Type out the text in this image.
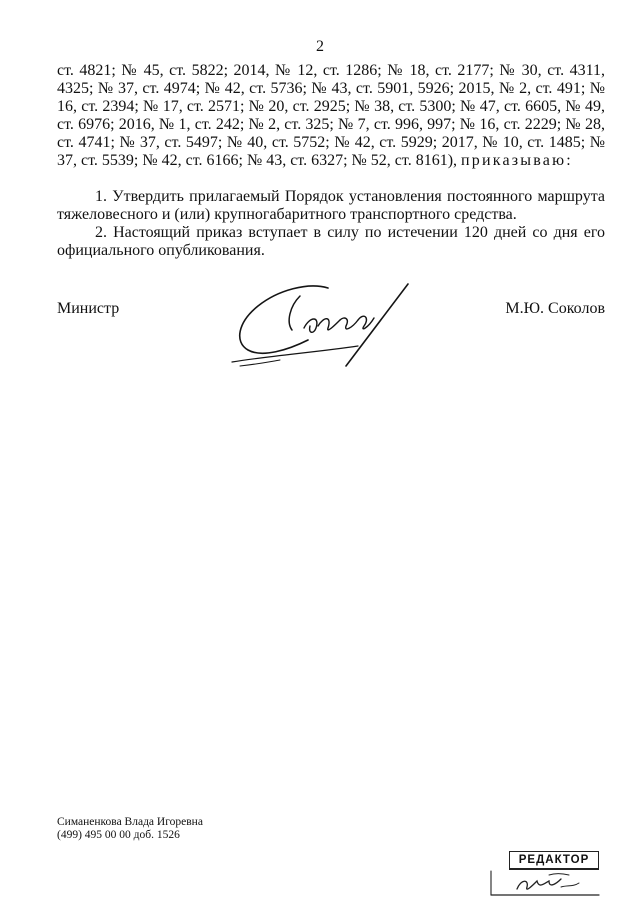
2

ст. 4821; № 45, ст. 5822; 2014, № 12, ст. 1286; № 18, ст. 2177; № 30, ст. 4311, 4325; № 37, ст. 4974; № 42, ст. 5736; № 43, ст. 5901, 5926; 2015, № 2, ст. 491; № 16, ст. 2394; № 17, ст. 2571; № 20, ст. 2925; № 38, ст. 5300; № 47, ст. 6605, № 49, ст. 6976; 2016, № 1, ст. 242; № 2, ст. 325; № 7, ст. 996, 997; № 16, ст. 2229; № 28, ст. 4741; № 37, ст. 5497; № 40, ст. 5752; № 42, ст. 5929; 2017, № 10, ст. 1485; № 37, ст. 5539; № 42, ст. 6166; № 43, ст. 6327; № 52, ст. 8161), приказываю:

1. Утвердить прилагаемый Порядок установления постоянного маршрута тяжеловесного и (или) крупногабаритного транспортного средства.

2. Настоящий приказ вступает в силу по истечении 120 дней со дня его официального опубликования.

Министр	М.Ю. Соколов
Симаненкова Влада Игоревна
(499) 495 00 00 доб. 1526
РЕДАКТОР
